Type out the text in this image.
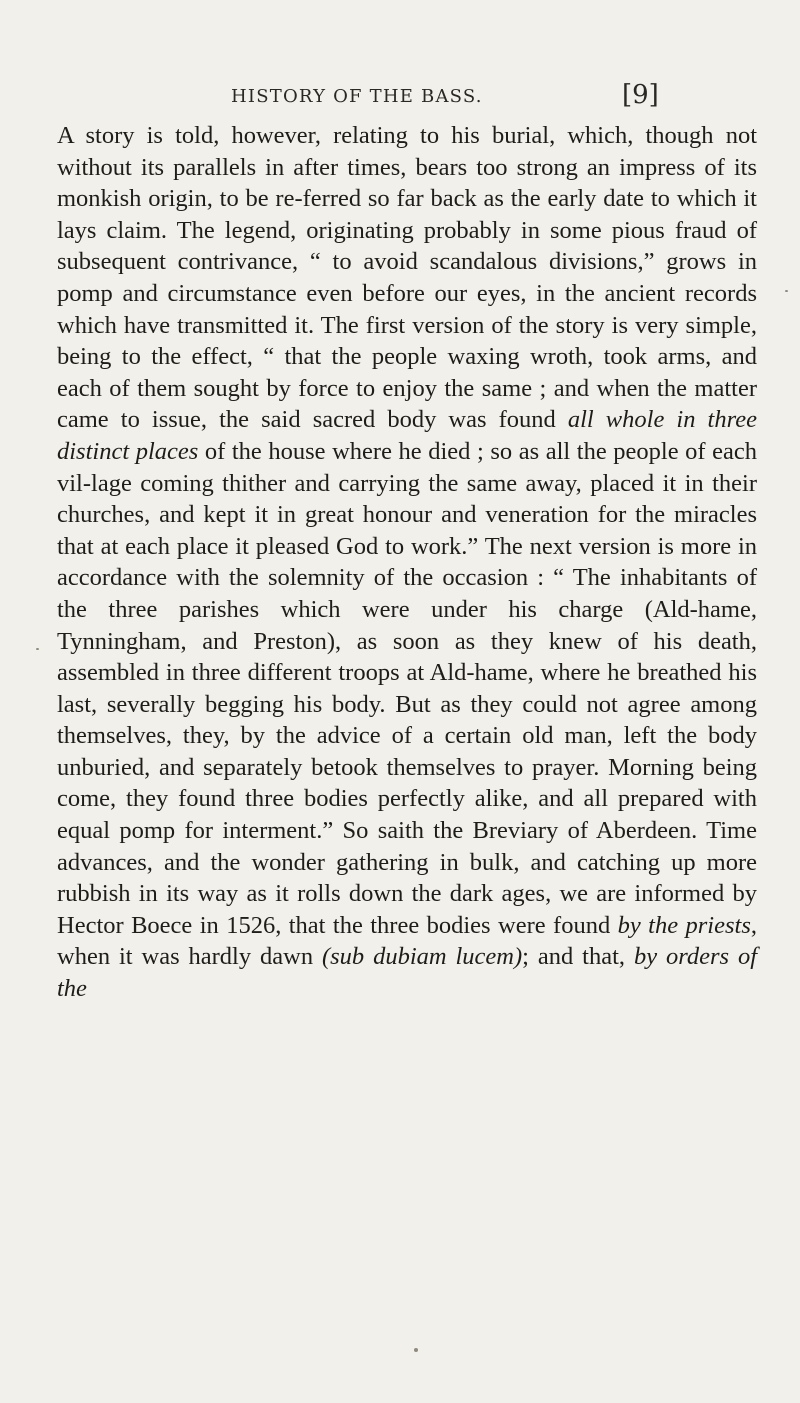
HISTORY OF THE BASS.	[9]

A story is told, however, relating to his burial, which, though not without its parallels in after times, bears too strong an impress of its monkish origin, to be re-ferred so far back as the early date to which it lays claim. The legend, originating probably in some pious fraud of subsequent contrivance, “ to avoid scandalous divisions,” grows in pomp and circumstance even before our eyes, in the ancient records which have transmitted it. The first version of the story is very simple, being to the effect, “ that the people waxing wroth, took arms, and each of them sought by force to enjoy the same ; and when the matter came to issue, the said sacred body was found all whole in three distinct places of the house where he died ; so as all the people of each vil-lage coming thither and carrying the same away, placed it in their churches, and kept it in great honour and veneration for the miracles that at each place it pleased God to work.” The next version is more in accordance with the solemnity of the occasion : “ The inhabitants of the three parishes which were under his charge (Ald-hame, Tynningham, and Preston), as soon as they knew of his death, assembled in three different troops at Ald-hame, where he breathed his last, severally begging his body. But as they could not agree among themselves, they, by the advice of a certain old man, left the body unburied, and separately betook themselves to prayer. Morning being come, they found three bodies perfectly alike, and all prepared with equal pomp for interment.” So saith the Breviary of Aberdeen. Time advances, and the wonder gathering in bulk, and catching up more rubbish in its way as it rolls down the dark ages, we are informed by Hector Boece in 1526, that the three bodies were found by the priests, when it was hardly dawn (sub dubiam lucem); and that, by orders of the
